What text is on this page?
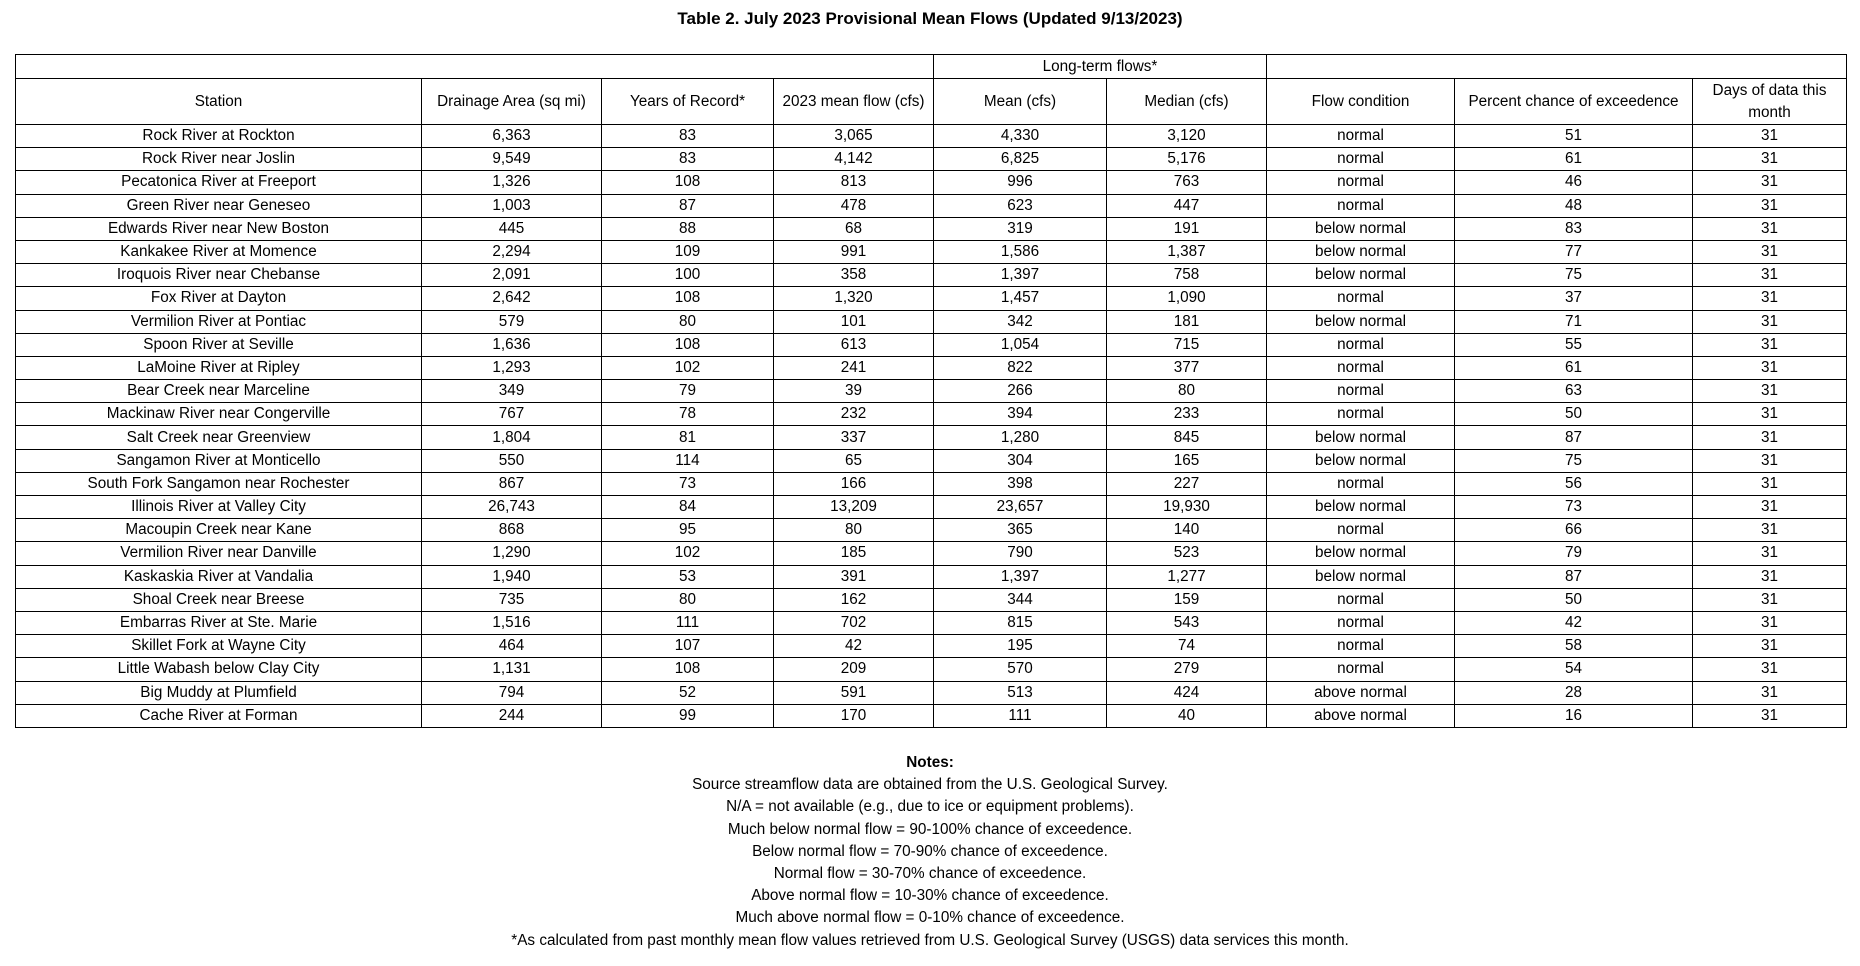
Table 2. July 2023 Provisional Mean Flows (Updated 9/13/2023)
				Long-term flows*				
Station	Drainage Area (sq mi)	Years of Record*	2023 mean flow (cfs)	Mean (cfs)	Median (cfs)	Flow condition	Percent chance of exceedence	Days of data this month
Rock River at Rockton	6,363	83	3,065	4,330	3,120	normal	51	31
Rock River near Joslin	9,549	83	4,142	6,825	5,176	normal	61	31
Pecatonica River at Freeport	1,326	108	813	996	763	normal	46	31
Green River near Geneseo	1,003	87	478	623	447	normal	48	31
Edwards River near New Boston	445	88	68	319	191	below normal	83	31
Kankakee River at Momence	2,294	109	991	1,586	1,387	below normal	77	31
Iroquois River near Chebanse	2,091	100	358	1,397	758	below normal	75	31
Fox River at Dayton	2,642	108	1,320	1,457	1,090	normal	37	31
Vermilion River at Pontiac	579	80	101	342	181	below normal	71	31
Spoon River at Seville	1,636	108	613	1,054	715	normal	55	31
LaMoine River at Ripley	1,293	102	241	822	377	normal	61	31
Bear Creek near Marceline	349	79	39	266	80	normal	63	31
Mackinaw River near Congerville	767	78	232	394	233	normal	50	31
Salt Creek near Greenview	1,804	81	337	1,280	845	below normal	87	31
Sangamon River at Monticello	550	114	65	304	165	below normal	75	31
South Fork Sangamon near Rochester	867	73	166	398	227	normal	56	31
Illinois River at Valley City	26,743	84	13,209	23,657	19,930	below normal	73	31
Macoupin Creek near Kane	868	95	80	365	140	normal	66	31
Vermilion River near Danville	1,290	102	185	790	523	below normal	79	31
Kaskaskia River at Vandalia	1,940	53	391	1,397	1,277	below normal	87	31
Shoal Creek near Breese	735	80	162	344	159	normal	50	31
Embarras River at Ste. Marie	1,516	111	702	815	543	normal	42	31
Skillet Fork at Wayne City	464	107	42	195	74	normal	58	31
Little Wabash below Clay City	1,131	108	209	570	279	normal	54	31
Big Muddy at Plumfield	794	52	591	513	424	above normal	28	31
Cache River at Forman	244	99	170	111	40	above normal	16	31
Notes:
Source streamflow data are obtained from the U.S. Geological Survey.
N/A = not available (e.g., due to ice or equipment problems).
Much below normal flow = 90-100% chance of exceedence.
Below normal flow = 70-90% chance of exceedence.
Normal flow = 30-70% chance of exceedence.
Above normal flow = 10-30% chance of exceedence.
Much above normal flow = 0-10% chance of exceedence.
*As calculated from past monthly mean flow values retrieved from U.S. Geological Survey (USGS) data services this month.
